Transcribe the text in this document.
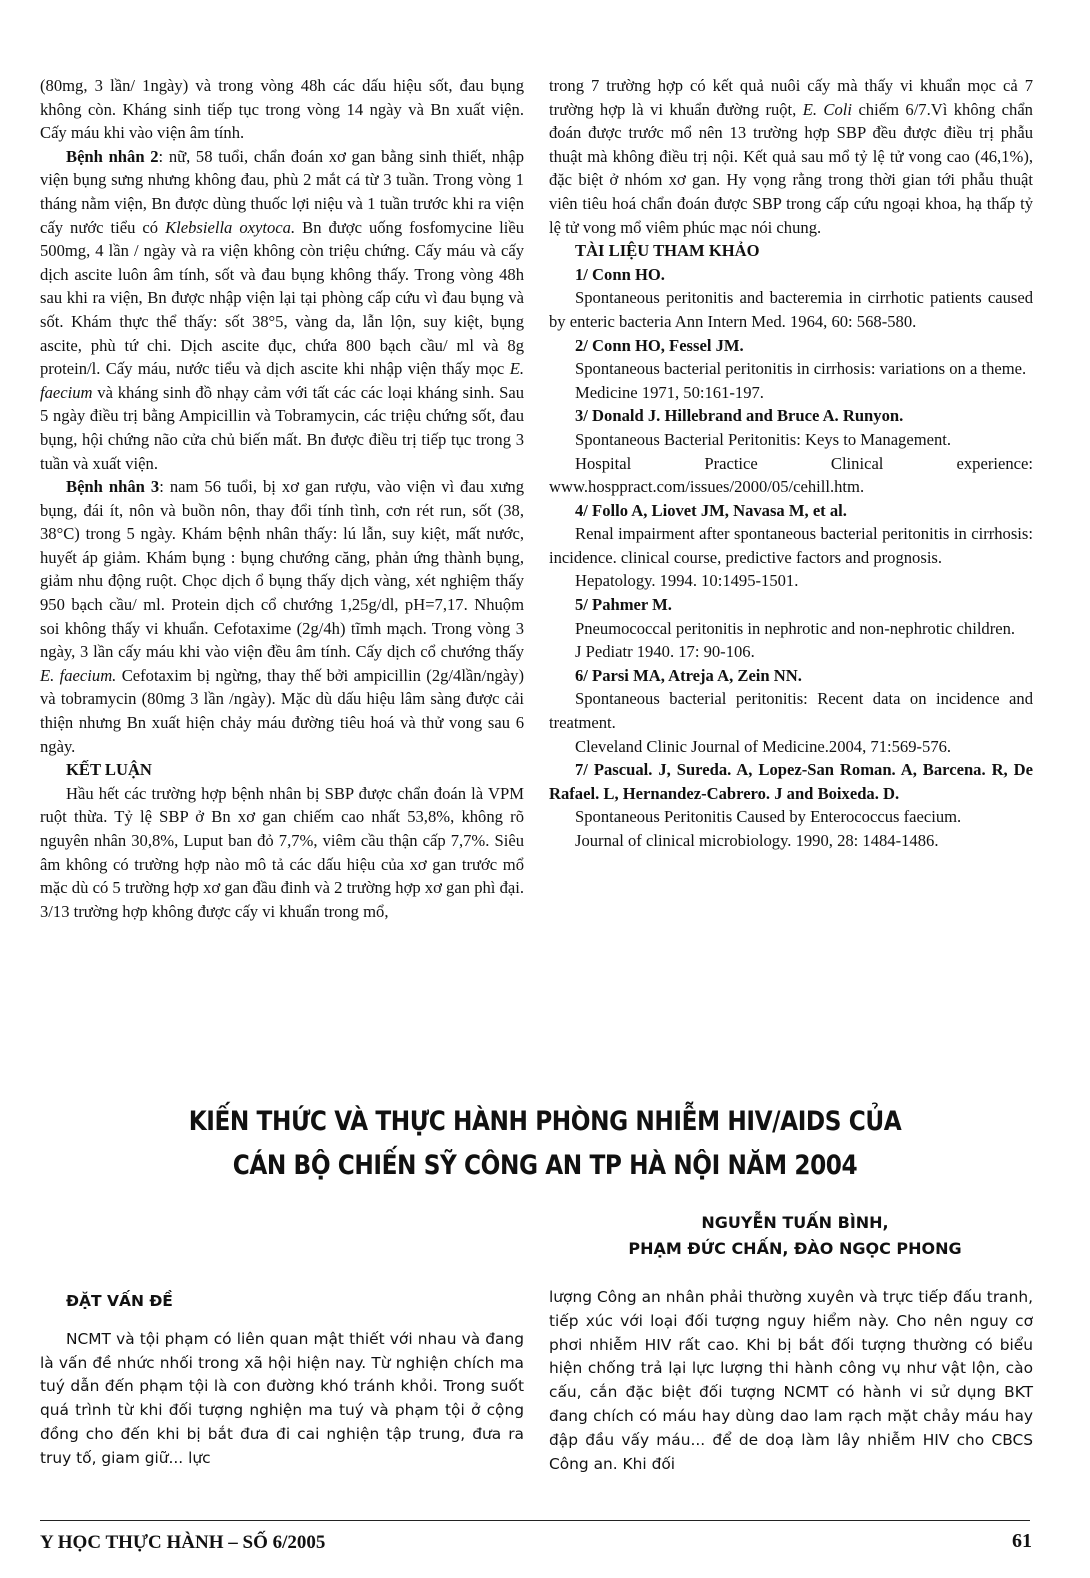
(80mg, 3 lần/ 1ngày) và trong vòng 48h các dấu hiệu sốt, đau bụng không còn. Kháng sinh tiếp tục trong vòng 14 ngày và Bn xuất viện. Cấy máu khi vào viện âm tính.

Bệnh nhân 2: nữ, 58 tuổi, chẩn đoán xơ gan bằng sinh thiết, nhập viện bụng sưng nhưng không đau, phù 2 mắt cá từ 3 tuần. Trong vòng 1 tháng nằm viện, Bn được dùng thuốc lợi niệu và 1 tuần trước khi ra viện cấy nước tiểu có Klebsiella oxytoca. Bn được uống fosfomycine liều 500mg, 4 lần / ngày và ra viện không còn triệu chứng. Cấy máu và cấy dịch ascite luôn âm tính, sốt và đau bụng không thấy. Trong vòng 48h sau khi ra viện, Bn được nhập viện lại tại phòng cấp cứu vì đau bụng và sốt. Khám thực thể thấy: sốt 38°5, vàng da, lẫn lộn, suy kiệt, bụng ascite, phù tứ chi. Dịch ascite đục, chứa 800 bạch cầu/ ml và 8g protein/l. Cấy máu, nước tiểu và dịch ascite khi nhập viện thấy mọc E. faecium và kháng sinh đồ nhạy cảm với tất các các loại kháng sinh. Sau 5 ngày điều trị bằng Ampicillin và Tobramycin, các triệu chứng sốt, đau bụng, hội chứng não cửa chủ biến mất. Bn được điều trị tiếp tục trong 3 tuần và xuất viện.

Bệnh nhân 3: nam 56 tuổi, bị xơ gan rượu, vào viện vì đau xưng bụng, đái ít, nôn và buồn nôn, thay đổi tính tình, cơn rét run, sốt (38, 38°C) trong 5 ngày. Khám bệnh nhân thấy: lú lẫn, suy kiệt, mất nước, huyết áp giảm. Khám bụng : bụng chướng căng, phản ứng thành bụng, giảm nhu động ruột. Chọc dịch ổ bụng thấy dịch vàng, xét nghiệm thấy 950 bạch cầu/ ml. Protein dịch cổ chướng 1,25g/dl, pH=7,17. Nhuộm soi không thấy vi khuẩn. Cefotaxime (2g/4h) tĩmh mạch. Trong vòng 3 ngày, 3 lần cấy máu khi vào viện đều âm tính. Cấy dịch cổ chướng thấy E. faecium. Cefotaxim bị ngừng, thay thế bởi ampicillin (2g/4lần/ngày) và tobramycin (80mg 3 lần /ngày). Mặc dù dấu hiệu lâm sàng được cải thiện nhưng Bn xuất hiện chảy máu đường tiêu hoá và thử vong sau 6 ngày.

KẾT LUẬN

Hầu hết các trường hợp bệnh nhân bị SBP được chẩn đoán là VPM ruột thừa. Tỷ lệ SBP ở Bn xơ gan chiếm cao nhất 53,8%, không rõ nguyên nhân 30,8%, Luput ban đỏ 7,7%, viêm cầu thận cấp 7,7%. Siêu âm không có trường hợp nào mô tả các dấu hiệu của xơ gan trước mổ mặc dù có 5 trường hợp xơ gan đầu đinh và 2 trường hợp xơ gan phì đại. 3/13 trường hợp không được cấy vi khuẩn trong mổ,

trong 7 trường hợp có kết quả nuôi cấy mà thấy vi khuẩn mọc cả 7 trường hợp là vi khuẩn đường ruột, E. Coli chiếm 6/7.Vì không chẩn đoán được trước mổ nên 13 trường hợp SBP đều được điều trị phẫu thuật mà không điều trị nội. Kết quả sau mổ tỷ lệ tử vong cao (46,1%), đặc biệt ở nhóm xơ gan. Hy vọng rằng trong thời gian tới phẫu thuật viên tiêu hoá chẩn đoán được SBP trong cấp cứu ngoại khoa, hạ thấp tỷ lệ tử vong mổ viêm phúc mạc nói chung.

TÀI LIỆU THAM KHẢO

1/ Conn HO.

Spontaneous peritonitis and bacteremia in cirrhotic patients caused by enteric bacteria Ann Intern Med. 1964, 60: 568-580.

2/ Conn HO, Fessel JM.

Spontaneous bacterial peritonitis in cirrhosis: variations on a theme.

Medicine 1971, 50:161-197.

3/ Donald J. Hillebrand and Bruce A. Runyon.

Spontaneous Bacterial Peritonitis: Keys to Management.

Hospital Practice Clinical experience: www.hosppract.com/issues/2000/05/cehill.htm.

4/ Follo A, Liovet JM, Navasa M, et al.

Renal impairment after spontaneous bacterial peritonitis in cirrhosis: incidence. clinical course, predictive factors and prognosis.

Hepatology. 1994. 10:1495-1501.

5/ Pahmer M.

Pneumococcal peritonitis in nephrotic and non-nephrotic children.

J Pediatr 1940. 17: 90-106.

6/ Parsi MA, Atreja A, Zein NN.

Spontaneous bacterial peritonitis: Recent data on incidence and treatment.

Cleveland Clinic Journal of Medicine.2004, 71:569-576.

7/ Pascual. J, Sureda. A, Lopez-San Roman. A, Barcena. R, De Rafael. L, Hernandez-Cabrero. J and Boixeda. D.

Spontaneous Peritonitis Caused by Enterococcus faecium.

Journal of clinical microbiology. 1990, 28: 1484-1486.

KIẾN THỨC VÀ THỰC HÀNH PHÒNG NHIỄM HIV/AIDS CỦA
CÁN BỘ CHIẾN SỸ CÔNG AN TP HÀ NỘI NĂM 2004
NGUYỄN TUẤN BÌNH,
PHẠM ĐỨC CHẤN, ĐÀO NGỌC PHONG

ĐẶT VẤN ĐỀ

NCMT và tội phạm có liên quan mật thiết với nhau và đang là vấn đề nhức nhối trong xã hội hiện nay. Từ nghiện chích ma tuý dẫn đến phạm tội là con đường khó tránh khỏi. Trong suốt quá trình từ khi đối tượng nghiện ma tuý và phạm tội ở cộng đồng cho đến khi bị bắt đưa đi cai nghiện tập trung, đưa ra truy tố, giam giữ... lực

lượng Công an nhân phải thường xuyên và trực tiếp đấu tranh, tiếp xúc với loại đối tượng nguy hiểm này. Cho nên nguy cơ phơi nhiễm HIV rất cao. Khi bị bắt đối tượng thường có biểu hiện chống trả lại lực lượng thi hành công vụ như vật lộn, cào cấu, cắn đặc biệt đối tượng NCMT có hành vi sử dụng BKT đang chích có máu hay dùng dao lam rạch mặt chảy máu hay đập đầu vấy máu... để de doạ làm lây nhiễm HIV cho CBCS Công an. Khi đối

Y HỌC THỰC HÀNH – SỐ 6/2005	61
